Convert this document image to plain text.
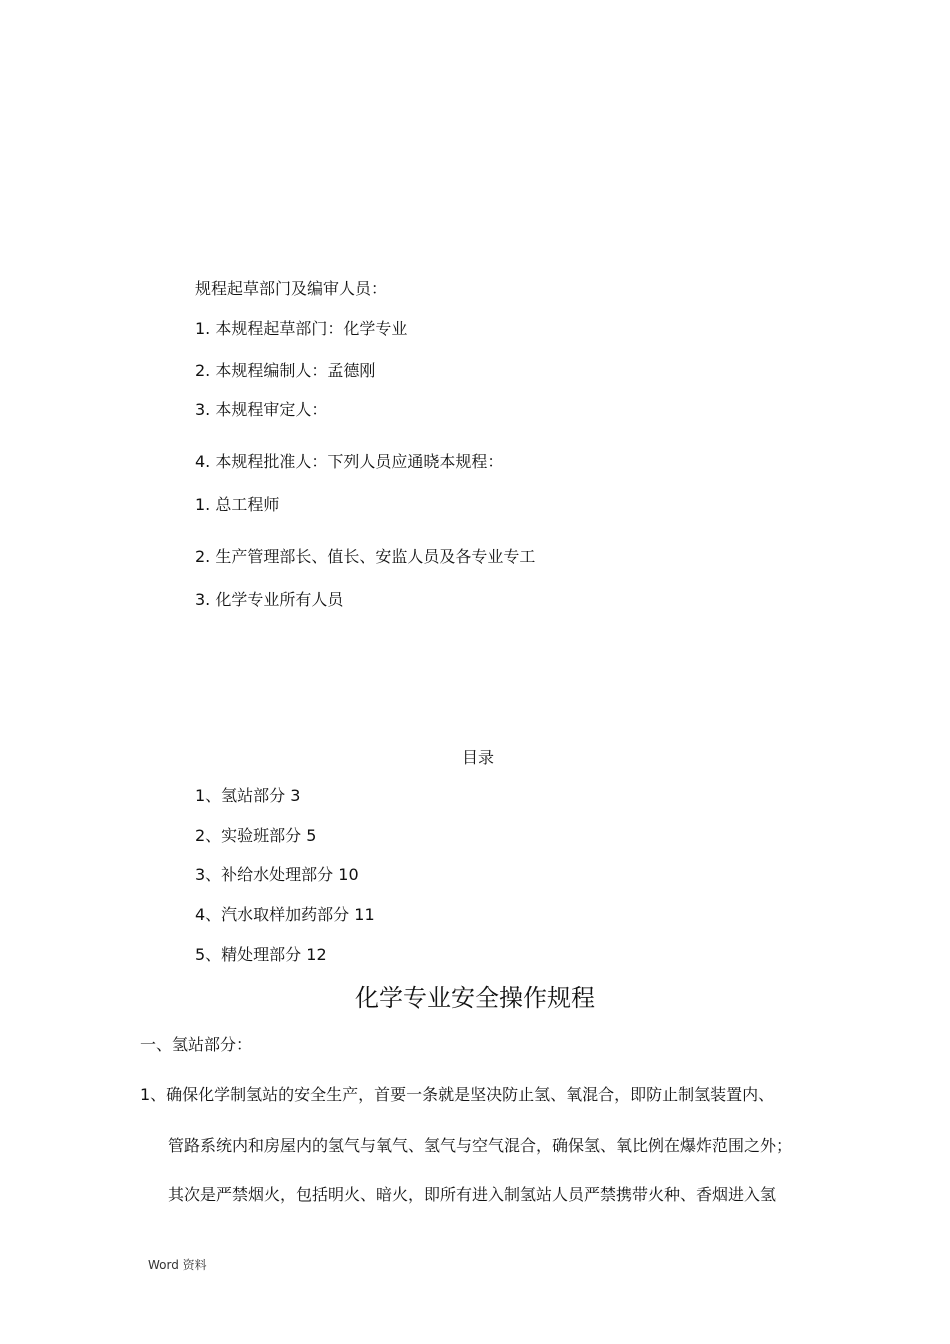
规程起草部门及编审人员：
1. 本规程起草部门：化学专业
2. 本规程编制人：孟德刚
3. 本规程审定人：
4. 本规程批准人：下列人员应通晓本规程：
1. 总工程师
2. 生产管理部长、值长、安监人员及各专业专工
3. 化学专业所有人员
目录
1、氢站部分 3
2、实验班部分 5
3、补给水处理部分 10
4、汽水取样加药部分 11
5、精处理部分 12
化学专业安全操作规程
一、氢站部分：
1、确保化学制氢站的安全生产，首要一条就是坚决防止氢、氧混合，即防止制氢装置内、
管路系统内和房屋内的氢气与氧气、氢气与空气混合，确保氢、氧比例在爆炸范围之外；
其次是严禁烟火，包括明火、暗火，即所有进入制氢站人员严禁携带火种、香烟进入氢
Word 资料
